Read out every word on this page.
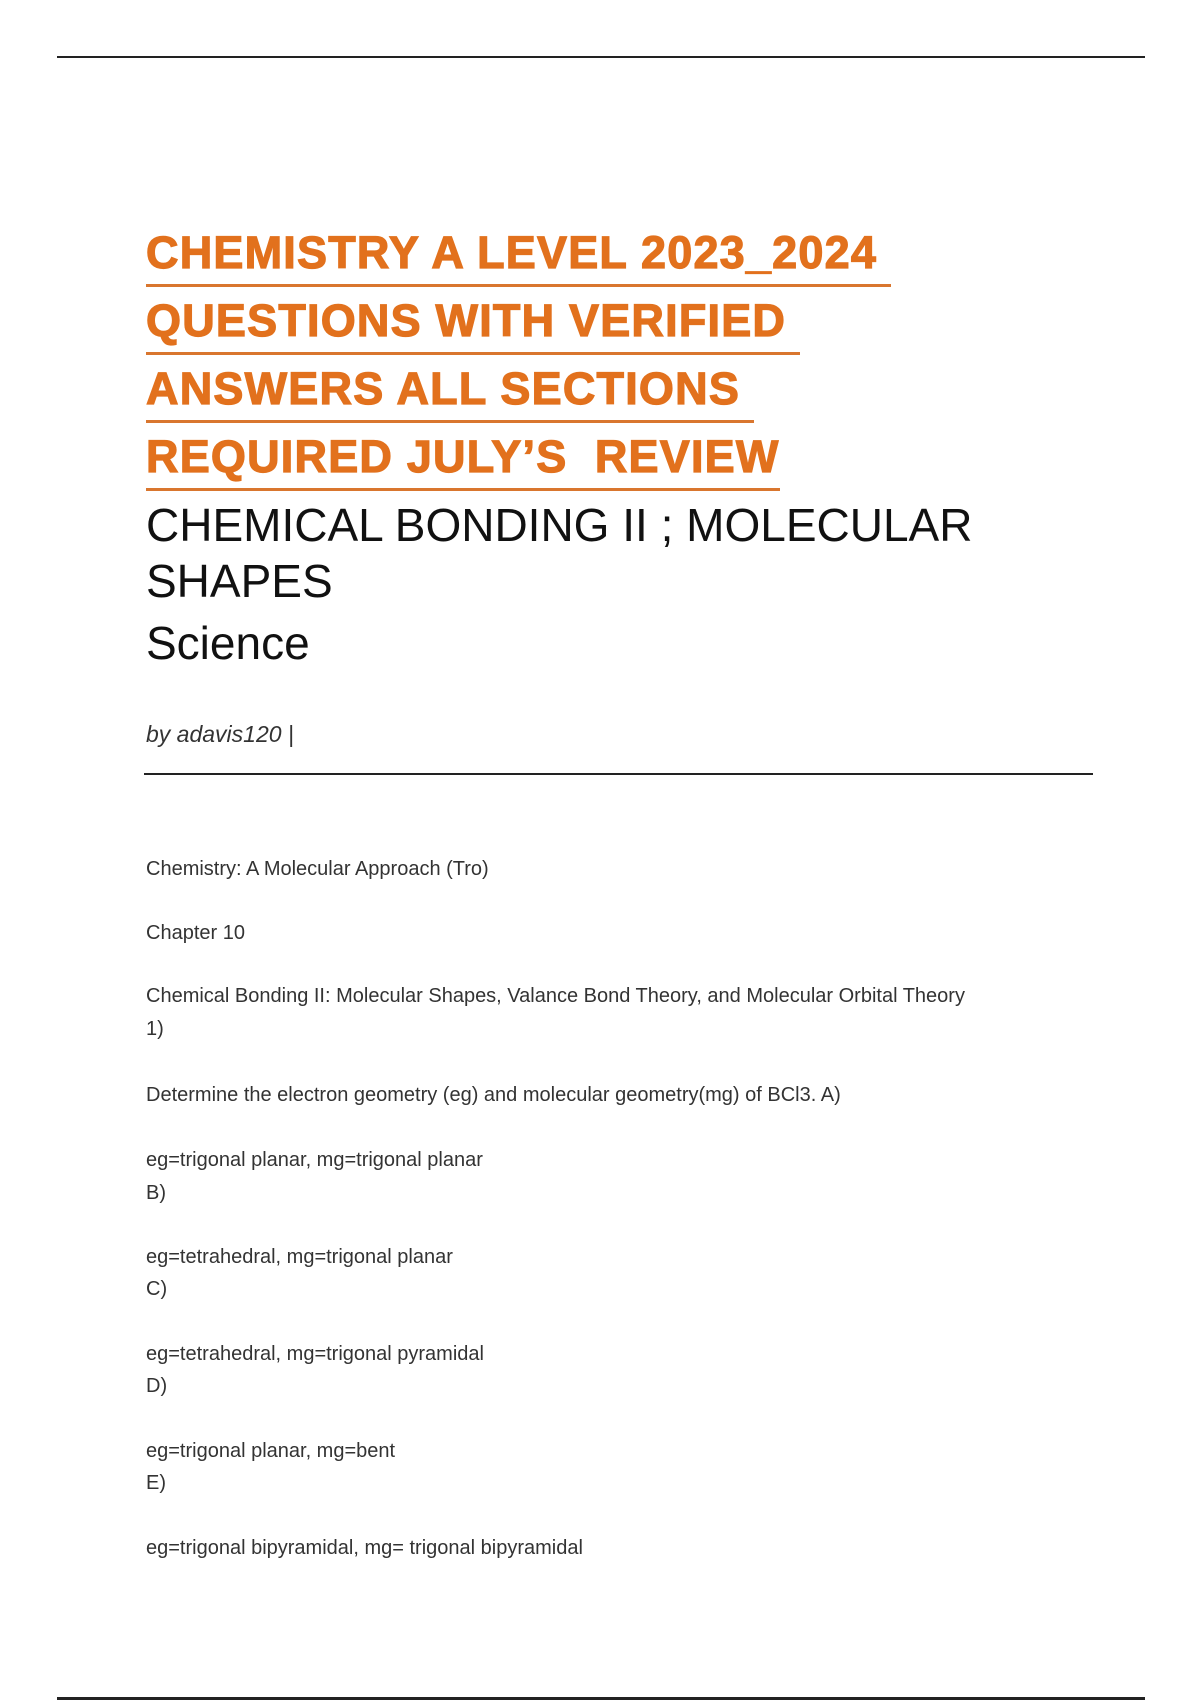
CHEMISTRY A LEVEL 2023_2024
QUESTIONS WITH VERIFIED
ANSWERS ALL SECTIONS
REQUIRED JULY’S  REVIEW
CHEMICAL BONDING II ; MOLECULAR SHAPES
Science
by adavis120 |
Chemistry: A Molecular Approach (Tro)
Chapter 10
Chemical Bonding II: Molecular Shapes, Valance Bond Theory, and Molecular Orbital Theory
1)
Determine the electron geometry (eg) and molecular geometry(mg) of BCl3. A)
eg=trigonal planar, mg=trigonal planar
B)
eg=tetrahedral, mg=trigonal planar
C)
eg=tetrahedral, mg=trigonal pyramidal
D)
eg=trigonal planar, mg=bent
E)
eg=trigonal bipyramidal, mg= trigonal bipyramidal
